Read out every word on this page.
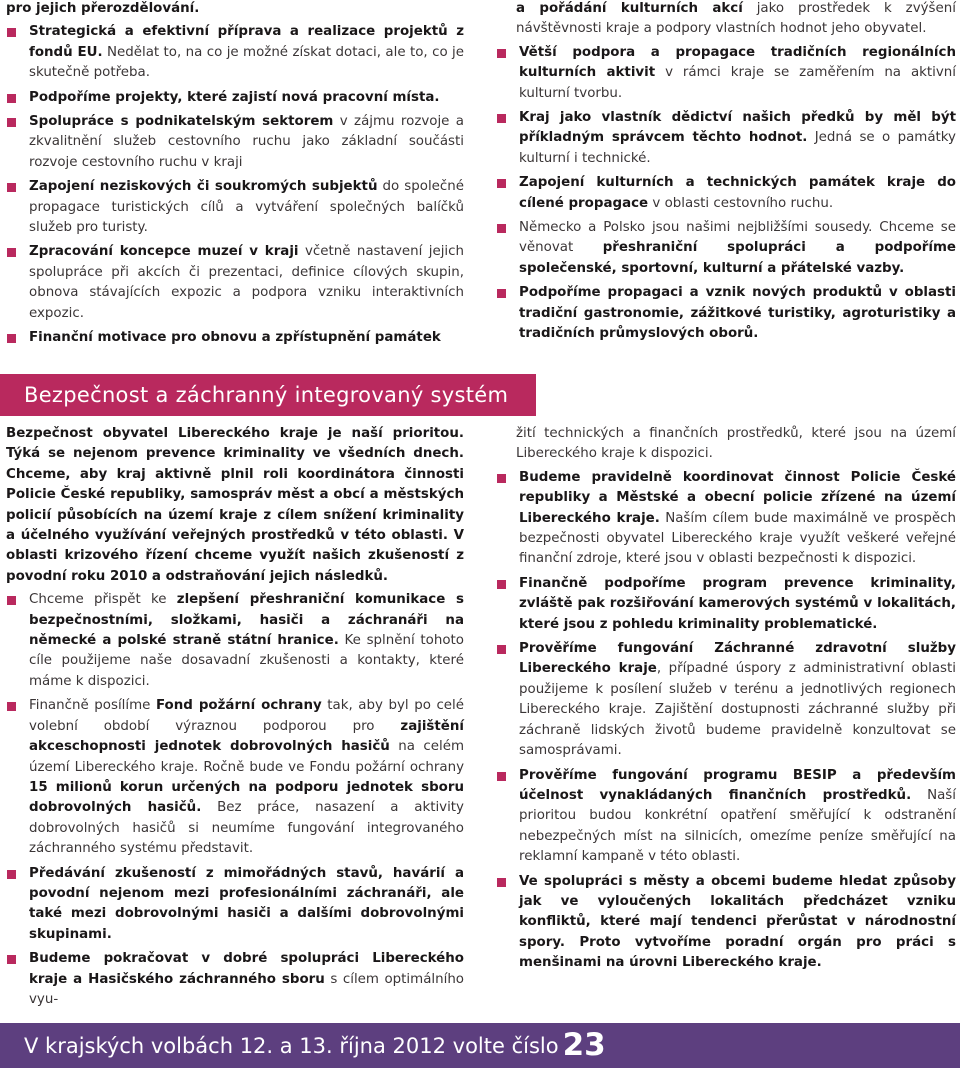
pro jejich přerozdělování.

Strategická a efektivní příprava a realizace projektů z fondů EU. Nedělat to, na co je možné získat dotaci, ale to, co je skutečně potřeba.
Podpoříme projekty, které zajistí nová pracovní místa.
Spolupráce s podnikatelským sektorem v zájmu rozvoje a zkvalitnění služeb cestovního ruchu jako základní součásti rozvoje cestovního ruchu v kraji
Zapojení neziskových či soukromých subjektů do společné propagace turistických cílů a vytváření společných balíčků služeb pro turisty.
Zpracování koncepce muzeí v kraji včetně nastavení jejich spolupráce při akcích či prezentaci, definice cílových skupin, obnova stávajících expozic a podpora vzniku interaktivních expozic.
Finanční motivace pro obnovu a zpřístupnění památek

a pořádání kulturních akcí jako prostředek k zvýšení návštěvnosti kraje a podpory vlastních hodnot jeho obyvatel.

Větší podpora a propagace tradičních regionálních kulturních aktivit v rámci kraje se zaměřením na aktivní kulturní tvorbu.
Kraj jako vlastník dědictví našich předků by měl být příkladným správcem těchto hodnot. Jedná se o památky kulturní i technické.
Zapojení kulturních a technických památek kraje do cílené propagace v oblasti cestovního ruchu.
Německo a Polsko jsou našimi nejbližšími sousedy. Chceme se věnovat přeshraniční spolupráci a podpoříme společenské, sportovní, kulturní a přátelské vazby.
Podpoříme propagaci a vznik nových produktů v oblasti tradiční gastronomie, zážitkové turistiky, agroturistiky a tradičních průmyslových oborů.
Bezpečnost a záchranný integrovaný systém

Bezpečnost obyvatel Libereckého kraje je naší prioritou. Týká se nejenom prevence kriminality ve všedních dnech. Chceme, aby kraj aktivně plnil roli koordinátora činnosti Policie České republiky, samospráv měst a obcí a městských policií působících na území kraje z cílem snížení kriminality a účelného využívání veřejných prostředků v této oblasti. V oblasti krizového řízení chceme využít našich zkušeností z povodní roku 2010 a odstraňování jejich následků.

Chceme přispět ke zlepšení přeshraniční komunikace s bezpečnostními, složkami, hasiči a záchranáři na německé a polské straně státní hranice. Ke splnění tohoto cíle použijeme naše dosavadní zkušenosti a kontakty, které máme k dispozici.
Finančně posílíme Fond požární ochrany tak, aby byl po celé volební období výraznou podporou pro zajištění akceschopnosti jednotek dobrovolných hasičů na celém území Libereckého kraje. Ročně bude ve Fondu požární ochrany 15 milionů korun určených na podporu jednotek sboru dobrovolných hasičů. Bez práce, nasazení a aktivity dobrovolných hasičů si neumíme fungování integrovaného záchranného systému představit.
Předávání zkušeností z mimořádných stavů, havárií a povodní nejenom mezi profesionálními záchranáři, ale také mezi dobrovolnými hasiči a dalšími dobrovolnými skupinami.
Budeme pokračovat v dobré spolupráci Libereckého kraje a Hasičského záchranného sboru s cílem optimálního vyu-

žití technických a finančních prostředků, které jsou na území Libereckého kraje k dispozici.

Budeme pravidelně koordinovat činnost Policie České republiky a Městské a obecní policie zřízené na území Libereckého kraje. Naším cílem bude maximálně ve prospěch bezpečnosti obyvatel Libereckého kraje využít veškeré veřejné finanční zdroje, které jsou v oblasti bezpečnosti k dispozici.
Finančně podpoříme program prevence kriminality, zvláště pak rozšiřování kamerových systémů v lokalitách, které jsou z pohledu kriminality problematické.
Prověříme fungování Záchranné zdravotní služby Libereckého kraje, případné úspory z administrativní oblasti použijeme k posílení služeb v terénu a jednotlivých regionech Libereckého kraje. Zajištění dostupnosti záchranné služby při záchraně lidských životů budeme pravidelně konzultovat se samosprávami.
Prověříme fungování programu BESIP a především účelnost vynakládaných finančních prostředků. Naší prioritou budou konkrétní opatření směřující k odstranění nebezpečných míst na silnicích, omezíme peníze směřující na reklamní kampaně v této oblasti.
Ve spolupráci s městy a obcemi budeme hledat způsoby jak ve vyloučených lokalitách předcházet vzniku konfliktů, které mají tendenci přerůstat v národnostní spory. Proto vytvoříme poradní orgán pro práci s menšinami na úrovni Libereckého kraje.
V krajských volbách 12. a 13. října 2012 volte číslo 23
